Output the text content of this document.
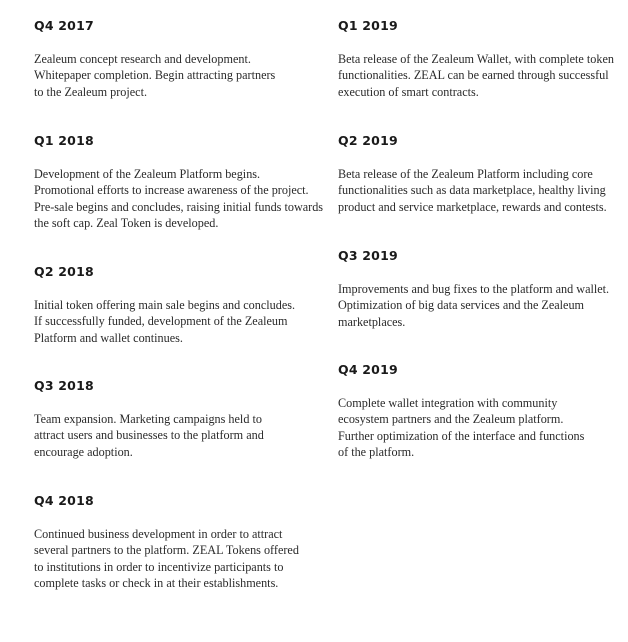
Q4 2017

Zealeum concept research and development.
Whitepaper completion. Begin attracting partners
to the Zealeum project.

Q1 2018

Development of the Zealeum Platform begins.
Promotional efforts to increase awareness of the project.
Pre-sale begins and concludes, raising initial funds towards
the soft cap. Zeal Token is developed.

Q2 2018

Initial token offering main sale begins and concludes.
If successfully funded, development of the Zealeum
Platform and wallet continues.

Q3 2018

Team expansion. Marketing campaigns held to
attract users and businesses to the platform and
encourage adoption.

Q4 2018

Continued business development in order to attract
several partners to the platform. ZEAL Tokens offered
to institutions in order to incentivize participants to
complete tasks or check in at their establishments.

Q1 2019

Beta release of the Zealeum Wallet, with complete token
functionalities. ZEAL can be earned through successful
execution of smart contracts.

Q2 2019

Beta release of the Zealeum Platform including core
functionalities such as data marketplace, healthy living
product and service marketplace, rewards and contests.

Q3 2019

Improvements and bug fixes to the platform and wallet.
Optimization of big data services and the Zealeum
marketplaces.

Q4 2019

Complete wallet integration with community
ecosystem partners and the Zealeum platform.
Further optimization of the interface and functions
of the platform.
